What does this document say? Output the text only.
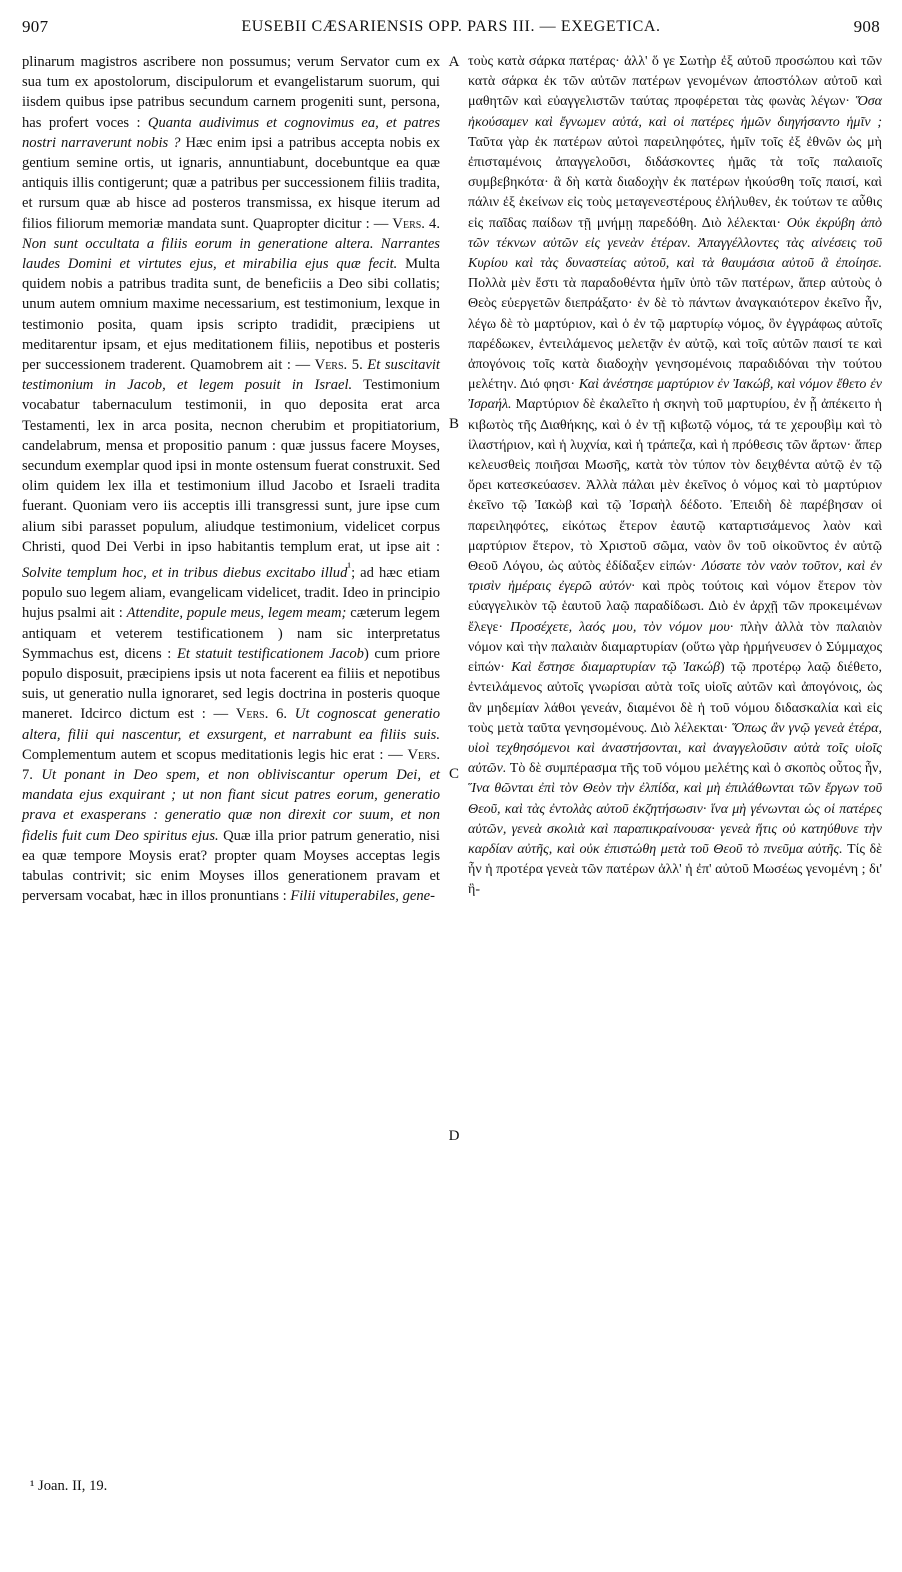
907	EUSEBII CÆSARIENSIS OPP. PARS III. — EXEGETICA.	908

plinarum magistros ascribere non possumus; verum Servator cum ex sua tum ex apostolorum, discipulorum et evangelistarum suorum, qui iisdem quibus ipse patribus secundum carnem progeniti sunt, persona, has profert voces : Quanta audivimus et cognovimus ea, et patres nostri narraverunt nobis ? Hæc enim ipsi a patribus accepta nobis ex gentium semine ortis, ut ignaris, annuntiabunt, docebuntque ea quæ antiquis illis contigerunt; quæ a patribus per successionem filiis tradita, et rursum quæ ab hisce ad posteros transmissa, ex hisque iterum ad filios filiorum memoriæ mandata sunt. Quapropter dicitur : — Vers. 4. Non sunt occultata a filiis eorum in generatione altera. Narrantes laudes Domini et virtutes ejus, et mirabilia ejus quæ fecit. Multa quidem nobis a patribus tradita sunt, de beneficiis a Deo sibi collatis; unum autem omnium maxime necessarium, est testimonium, lexque in testimonio posita, quam ipsis scripto tradidit, præcipiens ut meditarentur ipsam, et ejus meditationem filiis, nepotibus et posteris per successionem traderent. Quamobrem ait : — Vers. 5. Et suscitavit testimonium in Jacob, et legem posuit in Israel. Testimonium vocabatur tabernaculum testimonii, in quo deposita erat arca Testamenti, lex in arca posita, necnon cherubim et propitiatorium, candelabrum, mensa et propositio panum : quæ jussus facere Moyses, secundum exemplar quod ipsi in monte ostensum fuerat construxit. Sed olim quidem lex illa et testimonium illud Jacobo et Israeli tradita fuerant. Quoniam vero iis acceptis illi transgressi sunt, jure ipse cum alium sibi parasset populum, aliudque testimonium, videlicet corpus Christi, quod Dei Verbi in ipso habitantis templum erat, ut ipse ait : Solvite templum hoc, et in tribus diebus excitabo illud$^{^1}$; ad hæc etiam populo suo legem aliam, evangelicam videlicet, tradit. Ideo in principio hujus psalmi ait : Attendite, popule meus, legem meam; cæterum legem antiquam et veterem testificationem ) nam sic interpretatus Symmachus est, dicens : Et statuit testificationem Jacob) cum priore populo disposuit, præcipiens ipsis ut nota facerent ea filiis et nepotibus suis, ut generatio nulla ignoraret, sed legis doctrina in posteris quoque maneret. Idcirco dictum est : — Vers. 6. Ut cognoscat generatio altera, filii qui nascentur, et exsurgent, et narrabunt ea filiis suis. Complementum autem et scopus meditationis legis hic erat : — Vers. 7. Ut ponant in Deo spem, et non obliviscantur operum Dei, et mandata ejus exquirant ; ut non fiant sicut patres eorum, generatio prava et exasperans : generatio quæ non direxit cor suum, et non fidelis fuit cum Deo spiritus ejus. Quæ illa prior patrum generatio, nisi ea quæ tempore Moysis erat? propter quam Moyses acceptas legis tabulas contrivit; sic enim Moyses illos generationem pravam et perversam vocabat, hæc in illos pronuntians : Filii vituperabiles, gene-

A
B
C
D

τοὺς κατὰ σάρκα πατέρας· ἀλλ' ὅ γε Σωτὴρ ἐξ αὐτοῦ προσώπου καὶ τῶν κατὰ σάρκα ἐκ τῶν αὐτῶν πατέρων γενομένων ἀποστόλων αὐτοῦ καὶ μαθητῶν καὶ εὐαγγελιστῶν ταύτας προφέρεται τὰς φωνὰς λέγων· Ὅσα ἠκούσαμεν καὶ ἔγνωμεν αὐτά, καὶ οἱ πατέρες ἡμῶν διηγήσαντο ἡμῖν ; Ταῦτα γὰρ ἐκ πατέρων αὐτοὶ παρειληφότες, ἡμῖν τοῖς ἐξ ἐθνῶν ὡς μὴ ἐπισταμένοις ἀπαγγελοῦσι, διδάσκοντες ἡμᾶς τὰ τοῖς παλαιοῖς συμβεβηκότα· ἃ δὴ κατὰ διαδοχὴν ἐκ πατέρων ἠκούσθη τοῖς παισί, καὶ πάλιν ἐξ ἐκείνων εἰς τοὺς μεταγενεστέρους ἐλήλυθεν, ἐκ τούτων τε αὖθις εἰς παῖδας παίδων τῇ μνήμῃ παρεδόθη. Διὸ λέλεκται· Οὐκ ἐκρύβη ἀπὸ τῶν τέκνων αὐτῶν εἰς γενεὰν ἑτέραν. Ἀπαγγέλλοντες τὰς αἰνέσεις τοῦ Κυρίου καὶ τὰς δυναστείας αὐτοῦ, καὶ τὰ θαυμάσια αὐτοῦ ἃ ἐποίησε. Πολλὰ μὲν ἔστι τὰ παραδοθέντα ἡμῖν ὑπὸ τῶν πατέρων, ἅπερ αὐτοὺς ὁ Θεὸς εὐεργετῶν διεπράξατο· ἐν δὲ τὸ πάντων ἀναγκαιότερον ἐκεῖνο ἦν, λέγω δὲ τὸ μαρτύριον, καὶ ὁ ἐν τῷ μαρτυρίῳ νόμος, ὃν ἐγγράφως αὐτοῖς παρέδωκεν, ἐντειλάμενος μελετᾷν ἐν αὐτῷ, καὶ τοῖς αὐτῶν παισί τε καὶ ἀπογόνοις τοῖς κατὰ διαδοχὴν γενησομένοις παραδιδόναι τὴν τούτου μελέτην. Διό φησι· Καὶ ἀνέστησε μαρτύριον ἐν Ἰακώβ, καὶ νόμον ἔθετο ἐν Ἰσραήλ. Μαρτύριον δὲ ἐκαλεῖτο ἡ σκηνὴ τοῦ μαρτυρίου, ἐν ᾗ ἀπέκειτο ἡ κιβωτὸς τῆς Διαθήκης, καὶ ὁ ἐν τῇ κιβωτῷ νόμος, τά τε χερουβὶμ καὶ τὸ ἱλαστήριον, καὶ ἡ λυχνία, καὶ ἡ τράπεζα, καὶ ἡ πρόθεσις τῶν ἄρτων· ἅπερ κελευσθεὶς ποιῆσαι Μωσῆς, κατὰ τὸν τύπον τὸν δειχθέντα αὐτῷ ἐν τῷ ὄρει κατεσκεύασεν. Ἀλλὰ πάλαι μὲν ἐκεῖνος ὁ νόμος καὶ τὸ μαρτύριον ἐκεῖνο τῷ Ἰακὼβ καὶ τῷ Ἰσραὴλ δέδοτο. Ἐπειδὴ δὲ παρέβησαν οἱ παρειληφότες, εἰκότως ἕτερον ἑαυτῷ καταρτισάμενος λαὸν καὶ μαρτύριον ἕτερον, τὸ Χριστοῦ σῶμα, ναὸν ὂν τοῦ οἰκοῦντος ἐν αὐτῷ Θεοῦ Λόγου, ὡς αὐτὸς ἐδίδαξεν εἰπών· Λύσατε τὸν ναὸν τοῦτον, καὶ ἐν τρισὶν ἡμέραις ἐγερῶ αὐτόν· καὶ πρὸς τούτοις καὶ νόμον ἕτερον τὸν εὐαγγελικὸν τῷ ἑαυτοῦ λαῷ παραδίδωσι. Διὸ ἐν ἀρχῇ τῶν προκειμένων ἔλεγε· Προσέχετε, λαός μου, τὸν νόμον μου· πλὴν ἀλλὰ τὸν παλαιὸν νόμον καὶ τὴν παλαιὰν διαμαρτυρίαν (οὕτω γὰρ ἡρμήνευσεν ὁ Σύμμαχος εἰπών· Καὶ ἔστησε διαμαρτυρίαν τῷ Ἰακώβ) τῷ προτέρῳ λαῷ διέθετο, ἐντειλάμενος αὐτοῖς γνωρίσαι αὐτὰ τοῖς υἱοῖς αὐτῶν καὶ ἀπογόνοις, ὡς ἂν μηδεμίαν λάθοι γενεάν, διαμένοι δὲ ἡ τοῦ νόμου διδασκαλία καὶ εἰς τοὺς μετὰ ταῦτα γενησομένους. Διὸ λέλεκται· Ὅπως ἂν γνῷ γενεὰ ἑτέρα, υἱοὶ τεχθησόμενοι καὶ ἀναστήσονται, καὶ ἀναγγελοῦσιν αὐτὰ τοῖς υἱοῖς αὐτῶν. Τὸ δὲ συμπέρασμα τῆς τοῦ νόμου μελέτης καὶ ὁ σκοπὸς οὗτος ἦν, Ἵνα θῶνται ἐπὶ τὸν Θεὸν τὴν ἐλπίδα, καὶ μὴ ἐπιλάθωνται τῶν ἔργων τοῦ Θεοῦ, καὶ τὰς ἐντολὰς αὐτοῦ ἐκζητήσωσιν· ἵνα μὴ γένωνται ὡς οἱ πατέρες αὐτῶν, γενεὰ σκολιὰ καὶ παραπικραίνουσα· γενεὰ ἥτις οὐ κατηύθυνε τὴν καρδίαν αὐτῆς, καὶ οὐκ ἐπιστώθη μετὰ τοῦ Θεοῦ τὸ πνεῦμα αὐτῆς. Τίς δὲ ἦν ἡ προτέρα γενεὰ τῶν πατέρων ἀλλ' ἡ ἐπ' αὐτοῦ Μωσέως γενομένη ; δι' ἣ-

¹ Joan. II, 19.
